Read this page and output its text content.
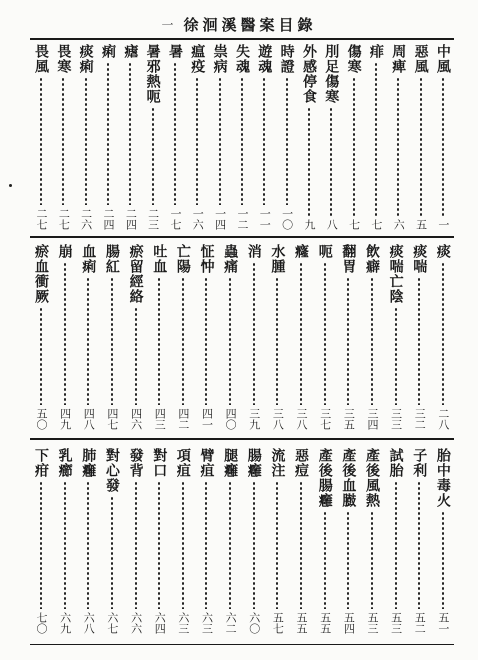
徐洄溪醫案目錄
一
中風
一
惡風
五
周痺
六
痱
七
傷寒
七
刖足傷寒
八
外感停食
九
時證
一〇
遊魂
一一
失魂
一二
祟病
一四
瘟疫
一六
暑
一七
暑邪熱呃
二三
瘧
二四
痢
二四
痰痢
二六
畏寒
二七
畏風
二七
痰
二八
痰喘
三二
痰喘亡陰
三三
飲癖
三四
翻胃
三五
呃
三七
癃
三八
水腫
三八
消
三九
蟲痛
四〇
怔忡
四一
亡陽
四二
吐血
四三
瘀留經絡
四六
腸紅
四七
血痢
四八
崩
四九
瘀血衝厥
五〇
胎中毒火
五一
子利
五二
試胎
五三
產後風熱
五三
產後血臌
五四
產後腸癰
五五
惡痘
五五
流注
五七
腸癰
六〇
腿癰
六二
臂疽
六三
項疽
六三
對口
六四
發背
六六
對心發
六七
肺癰
六八
乳癤
六九
下疳
七〇
